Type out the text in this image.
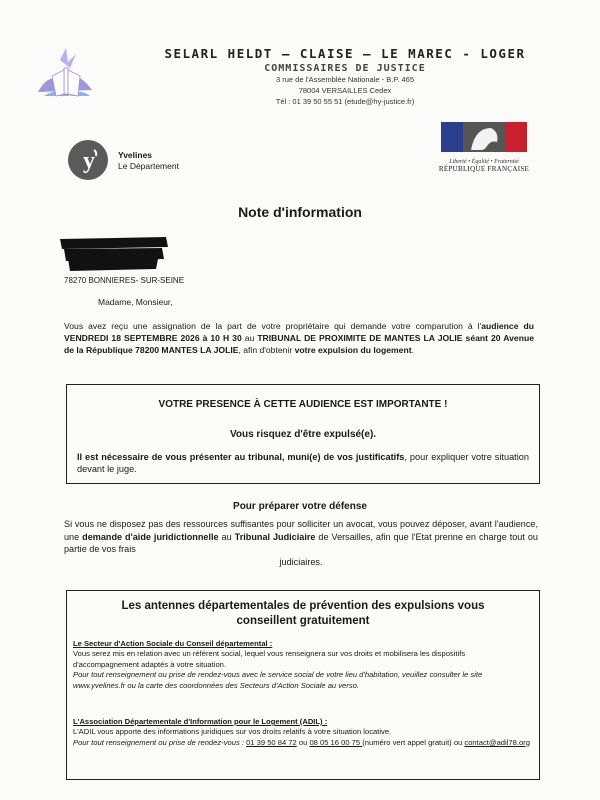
SELARL HELDT – CLAISE – LE MAREC - LOGER
COMMISSAIRES DE JUSTICE
3 rue de l'Assemblée Nationale - B.P. 465
78004 VERSAILLES Cedex
Tél : 01 39 50 55 51 (etude@hy-justice.fr)
y	Yvelines
Le Département	Liberté • Égalité • Fraternité
RÉPUBLIQUE FRANÇAISE
Note d'information
78270 BONNIERES- SUR-SEINE
Madame, Monsieur,
Vous avez reçu une assignation de la part de votre propriétaire qui demande votre comparution à l'audience du VENDREDI 18 SEPTEMBRE 2026 à 10 H 30 au TRIBUNAL DE PROXIMITE DE MANTES LA JOLIE séant 20 Avenue de la République 78200 MANTES LA JOLIE, afin d'obtenir votre expulsion du logement.
VOTRE PRESENCE À CETTE AUDIENCE EST IMPORTANTE !
Vous risquez d'être expulsé(e).
Il est nécessaire de vous présenter au tribunal, muni(e) de vos justificatifs, pour expliquer votre situation devant le juge.
Pour préparer votre défense
Si vous ne disposez pas des ressources suffisantes pour solliciter un avocat, vous pouvez déposer, avant l'audience, une demande d'aide juridictionnelle au Tribunal Judiciaire de Versailles, afin que l'Etat prenne en charge tout ou partie de vos frais
judiciaires.
Les antennes départementales de prévention des expulsions vous
conseillent gratuitement
Le Secteur d'Action Sociale du Conseil départemental :
Vous serez mis en relation avec un référent social, lequel vous renseignera sur vos droits et mobilisera les dispositifs d'accompagnement adaptés à votre situation.
Pour tout renseignement ou prise de rendez-vous avec le service social de votre lieu d'habitation, veuillez consulter le site www.yvelines.fr ou la carte des coordonnées des Secteurs d'Action Sociale au verso.
L'Association Départementale d'Information pour le Logement (ADIL) :
L'ADIL vous apporte des informations juridiques sur vos droits relatifs à votre situation locative.
Pour tout renseignement ou prise de rendez-vous : 01 39 50 84 72 ou 08 05 16 00 75 (numéro vert appel gratuit) ou contact@adil78.org
